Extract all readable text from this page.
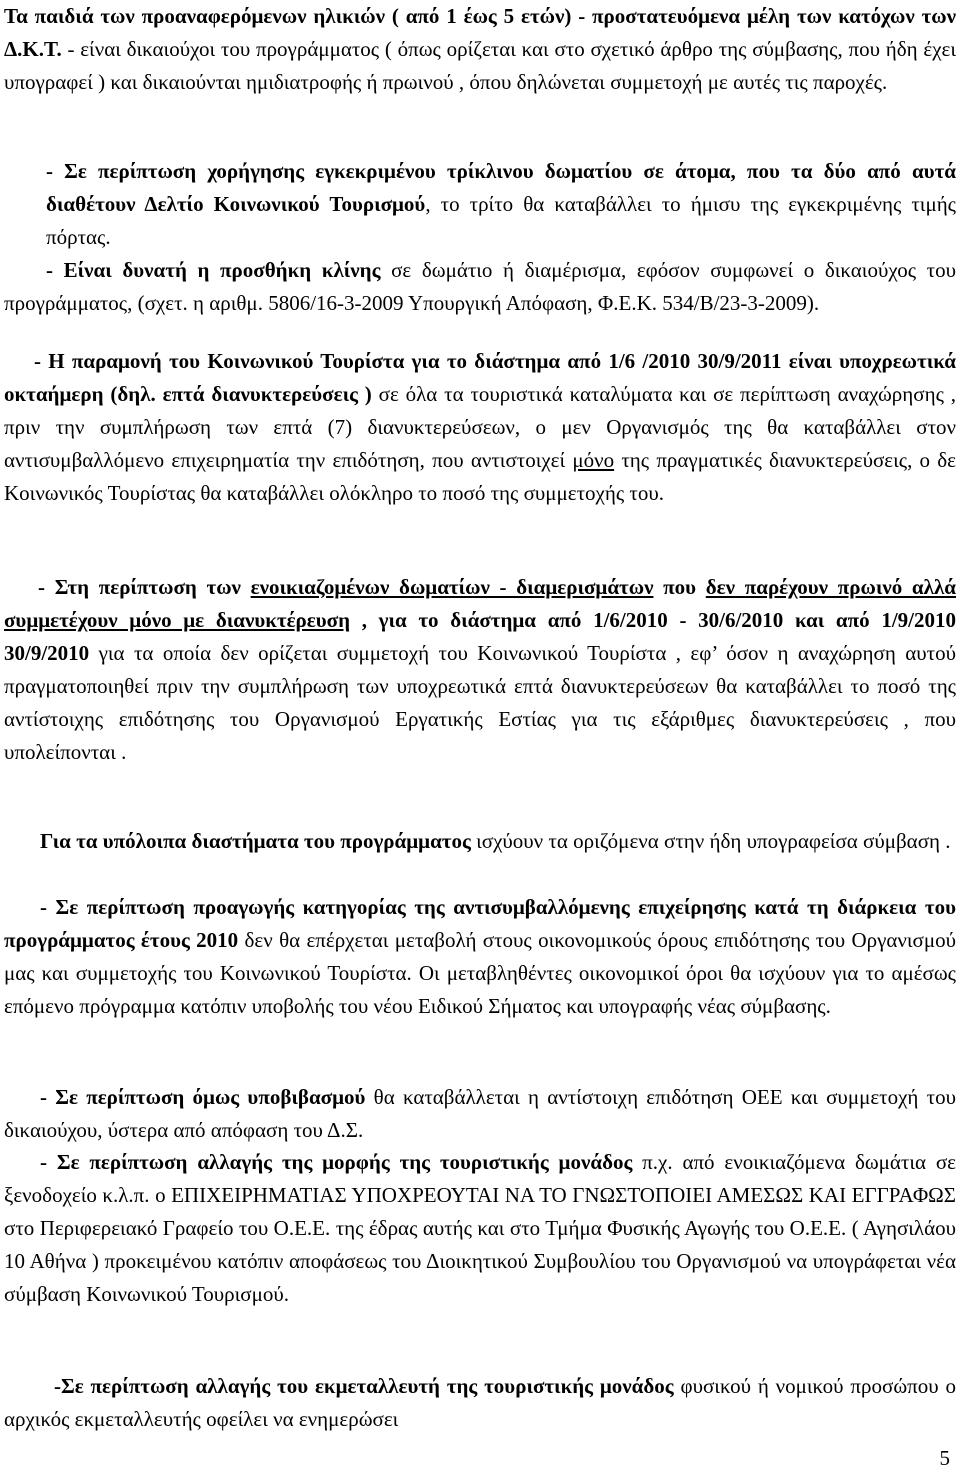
Τα παιδιά των προαναφερόμενων ηλικιών ( από 1 έως 5 ετών) - προστατευόμενα μέλη των κατόχων των Δ.Κ.Τ. - είναι δικαιούχοι του προγράμματος ( όπως ορίζεται και στο σχετικό άρθρο της σύμβασης, που ήδη έχει υπογραφεί ) και δικαιούνται ημιδιατροφής ή πρωινού , όπου δηλώνεται συμμετοχή με αυτές τις παροχές.

- Σε περίπτωση χορήγησης εγκεκριμένου τρίκλινου δωματίου σε άτομα, που τα δύο από αυτά διαθέτουν Δελτίο Κοινωνικού Τουρισμού, το τρίτο θα καταβάλλει το ήμισυ της εγκεκριμένης τιμής πόρτας.

- Είναι δυνατή η προσθήκη κλίνης σε δωμάτιο ή διαμέρισμα, εφόσον συμφωνεί ο δικαιούχος του προγράμματος, (σχετ. η αριθμ. 5806/16-3-2009 Υπουργική Απόφαση, Φ.Ε.Κ. 534/Β/23-3-2009).

- Η παραμονή του Κοινωνικού Τουρίστα για το διάστημα από 1/6 /2010 30/9/2011 είναι υποχρεωτικά οκταήμερη (δηλ. επτά διανυκτερεύσεις ) σε όλα τα τουριστικά καταλύματα και σε περίπτωση αναχώρησης , πριν την συμπλήρωση των επτά (7) διανυκτερεύσεων, ο μεν Οργανισμός της θα καταβάλλει στον αντισυμβαλλόμενο επιχειρηματία την επιδότηση, που αντιστοιχεί μόνο της πραγματικές διανυκτερεύσεις, ο δε Κοινωνικός Τουρίστας θα καταβάλλει ολόκληρο το ποσό της συμμετοχής του.

- Στη περίπτωση των ενοικιαζομένων δωματίων - διαμερισμάτων που δεν παρέχουν πρωινό αλλά συμμετέχουν μόνο με διανυκτέρευση , για το διάστημα από 1/6/2010 - 30/6/2010 και από 1/9/2010 30/9/2010 για τα οποία δεν ορίζεται συμμετοχή του Κοινωνικού Τουρίστα , εφ’ όσον η αναχώρηση αυτού πραγματοποιηθεί πριν την συμπλήρωση των υποχρεωτικά επτά διανυκτερεύσεων θα καταβάλλει το ποσό της αντίστοιχης επιδότησης του Οργανισμού Εργατικής Εστίας για τις εξάριθμες διανυκτερεύσεις , που υπολείπονται .

Για τα υπόλοιπα διαστήματα του προγράμματος ισχύουν τα οριζόμενα στην ήδη υπογραφείσα σύμβαση .

- Σε περίπτωση προαγωγής κατηγορίας της αντισυμβαλλόμενης επιχείρησης κατά τη διάρκεια του προγράμματος έτους 2010 δεν θα επέρχεται μεταβολή στους οικονομικούς όρους επιδότησης του Οργανισμού μας και συμμετοχής του Κοινωνικού Τουρίστα. Οι μεταβληθέντες οικονομικοί όροι θα ισχύουν για το αμέσως επόμενο πρόγραμμα κατόπιν υποβολής του νέου Ειδικού Σήματος και υπογραφής νέας σύμβασης.

- Σε περίπτωση όμως υποβιβασμού θα καταβάλλεται η αντίστοιχη επιδότηση ΟΕΕ και συμμετοχή του δικαιούχου, ύστερα από απόφαση του Δ.Σ.

- Σε περίπτωση αλλαγής της μορφής της τουριστικής μονάδος π.χ. από ενοικιαζόμενα δωμάτια σε ξενοδοχείο κ.λ.π. ο ΕΠΙΧΕΙΡΗΜΑΤΙΑΣ ΥΠΟΧΡΕΟΥΤΑΙ ΝΑ ΤΟ ΓΝΩΣΤΟΠΟΙΕΙ ΑΜΕΣΩΣ ΚΑΙ ΕΓΓΡΑΦΩΣ στο Περιφερειακό Γραφείο του Ο.Ε.Ε. της έδρας αυτής και στο Τμήμα Φυσικής Αγωγής του Ο.Ε.Ε. ( Αγησιλάου 10 Αθήνα ) προκειμένου κατόπιν αποφάσεως του Διοικητικού Συμβουλίου του Οργανισμού να υπογράφεται νέα σύμβαση Κοινωνικού Τουρισμού.

-Σε περίπτωση αλλαγής του εκμεταλλευτή της τουριστικής μονάδος φυσικού ή νομικού προσώπου ο αρχικός εκμεταλλευτής οφείλει να ενημερώσει

5
